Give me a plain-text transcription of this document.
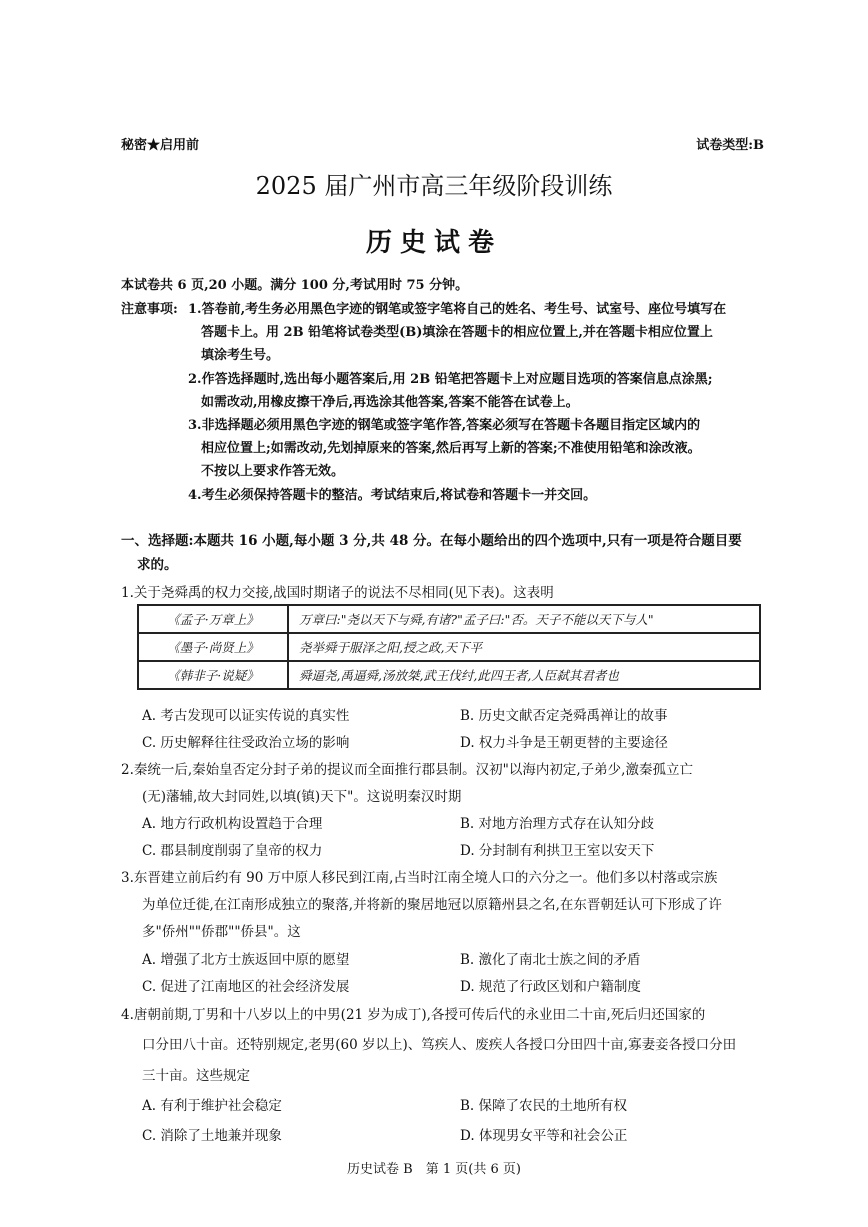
秘密★启用前	试卷类型:B
2025 届广州市高三年级阶段训练
历史试卷
本试卷共 6 页,20 小题。满分 100 分,考试用时 75 分钟。
注意事项: 1.答卷前,考生务必用黑色字迹的钢笔或签字笔将自己的姓名、考生号、试室号、座位号填写在
答题卡上。用 2B 铅笔将试卷类型(B)填涂在答题卡的相应位置上,并在答题卡相应位置上
填涂考生号。
2.作答选择题时,选出每小题答案后,用 2B 铅笔把答题卡上对应题目选项的答案信息点涂黑;
如需改动,用橡皮擦干净后,再选涂其他答案,答案不能答在试卷上。
3.非选择题必须用黑色字迹的钢笔或签字笔作答,答案必须写在答题卡各题目指定区域内的
相应位置上;如需改动,先划掉原来的答案,然后再写上新的答案;不准使用铅笔和涂改液。
不按以上要求作答无效。
4.考生必须保持答题卡的整洁。考试结束后,将试卷和答题卡一并交回。
一、选择题:本题共 16 小题,每小题 3 分,共 48 分。在每小题给出的四个选项中,只有一项是符合题目要
求的。
1.关于尧舜禹的权力交接,战国时期诸子的说法不尽相同(见下表)。这表明
《孟子·万章上》	万章曰:"尧以天下与舜,有诸?"孟子曰:"否。天子不能以天下与人"
《墨子·尚贤上》	尧举舜于服泽之阳,授之政,天下平
《韩非子·说疑》	舜逼尧,禹逼舜,汤放桀,武王伐纣,此四王者,人臣弑其君者也
A. 考古发现可以证实传说的真实性	B. 历史文献否定尧舜禹禅让的故事
C. 历史解释往往受政治立场的影响	D. 权力斗争是王朝更替的主要途径
2.秦统一后,秦始皇否定分封子弟的提议而全面推行郡县制。汉初"以海内初定,子弟少,激秦孤立亡
(无)藩辅,故大封同姓,以填(镇)天下"。这说明秦汉时期
A. 地方行政机构设置趋于合理	B. 对地方治理方式存在认知分歧
C. 郡县制度削弱了皇帝的权力	D. 分封制有利拱卫王室以安天下
3.东晋建立前后约有 90 万中原人移民到江南,占当时江南全境人口的六分之一。他们多以村落或宗族
为单位迁徙,在江南形成独立的聚落,并将新的聚居地冠以原籍州县之名,在东晋朝廷认可下形成了许
多"侨州""侨郡""侨县"。这
A. 增强了北方士族返回中原的愿望	B. 激化了南北士族之间的矛盾
C. 促进了江南地区的社会经济发展	D. 规范了行政区划和户籍制度
4.唐朝前期,丁男和十八岁以上的中男(21 岁为成丁),各授可传后代的永业田二十亩,死后归还国家的
口分田八十亩。还特别规定,老男(60 岁以上)、笃疾人、废疾人各授口分田四十亩,寡妻妾各授口分田
三十亩。这些规定
A. 有利于维护社会稳定	B. 保障了农民的土地所有权
C. 消除了土地兼并现象	D. 体现男女平等和社会公正
历史试卷 B　第 1 页(共 6 页)
